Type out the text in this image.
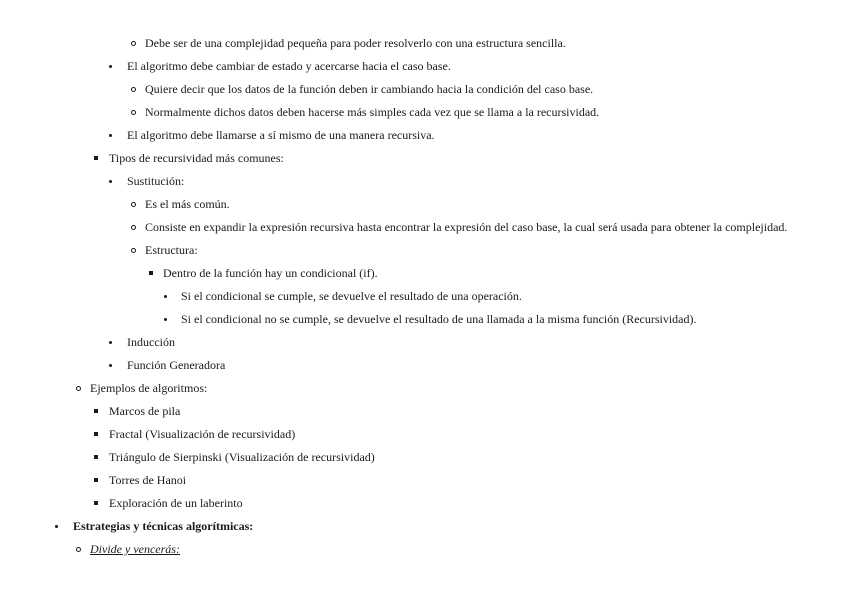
Debe ser de una complejidad pequeña para poder resolverlo con una estructura sencilla.
El algoritmo debe cambiar de estado y acercarse hacia el caso base.
Quiere decir que los datos de la función deben ir cambiando hacia la condición del caso base.
Normalmente dichos datos deben hacerse más simples cada vez que se llama a la recursividad.
El algoritmo debe llamarse a sí mismo de una manera recursiva.
Tipos de recursividad más comunes:
Sustitución:
Es el más común.
Consiste en expandir la expresión recursiva hasta encontrar la expresión del caso base, la cual será usada para obtener la complejidad.
Estructura:
Dentro de la función hay un condicional (if).
Si el condicional se cumple, se devuelve el resultado de una operación.
Si el condicional no se cumple, se devuelve el resultado de una llamada a la misma función (Recursividad).
Inducción
Función Generadora
Ejemplos de algoritmos:
Marcos de pila
Fractal (Visualización de recursividad)
Triángulo de Sierpinski (Visualización de recursividad)
Torres de Hanoi
Exploración de un laberinto
Estrategias y técnicas algorítmicas:
Divide y vencerás:
